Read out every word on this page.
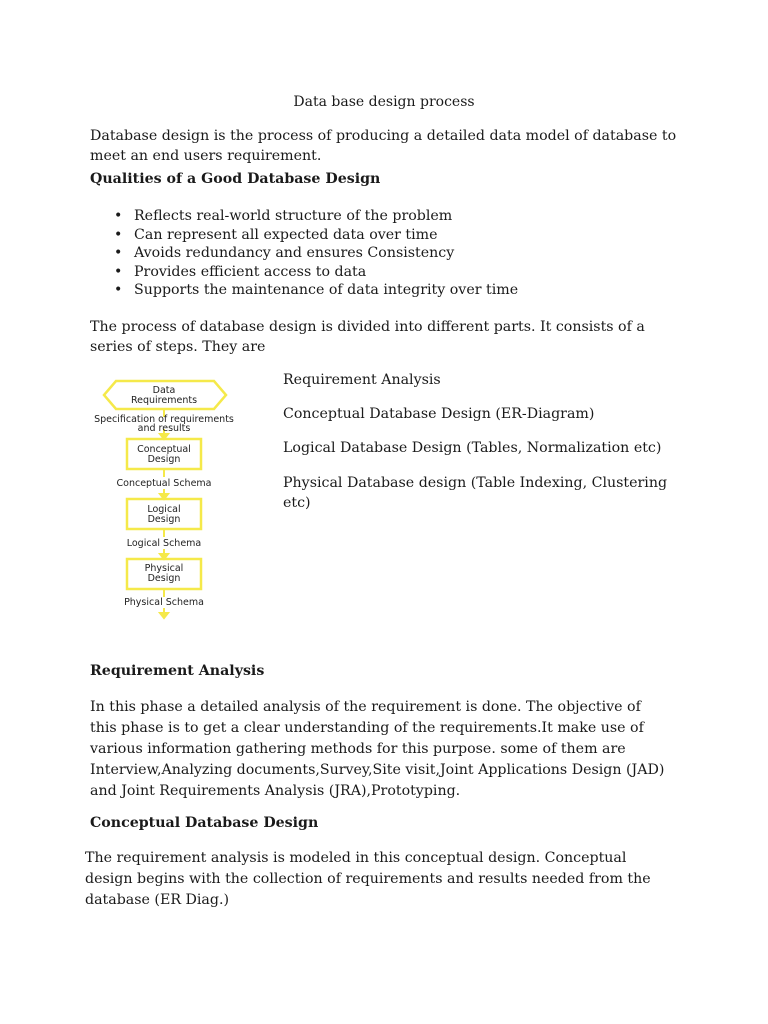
Data base design process
Database design is the process of producing a detailed data model of database to meet an end users requirement.
Qualities of a Good Database Design
• Reflects real-world structure of the problem
• Can represent all expected data over time
• Avoids redundancy and ensures Consistency
• Provides efficient access to data
• Supports the maintenance of data integrity over time
The process of database design is divided into different parts. It consists of a series of steps. They are
Data
Requirements
Specification of requirements
and results
Conceptual
Design
Conceptual Schema
Logical
Design
Logical Schema
Physical
Design
Physical Schema
Requirement Analysis
Conceptual Database Design (ER-Diagram)
Logical Database Design (Tables, Normalization etc)
Physical Database design (Table Indexing, Clustering etc)
Requirement Analysis
In this phase a detailed analysis of the requirement is done. The objective of this phase is to get a clear understanding of the requirements.It make use of various information gathering methods for this purpose. some of them are Interview,Analyzing documents,Survey,Site visit,Joint Applications Design (JAD) and Joint Requirements Analysis (JRA),Prototyping.
Conceptual Database Design
The requirement analysis is modeled in this conceptual design. Conceptual design begins with the collection of requirements and results needed from the database (ER Diag.)
